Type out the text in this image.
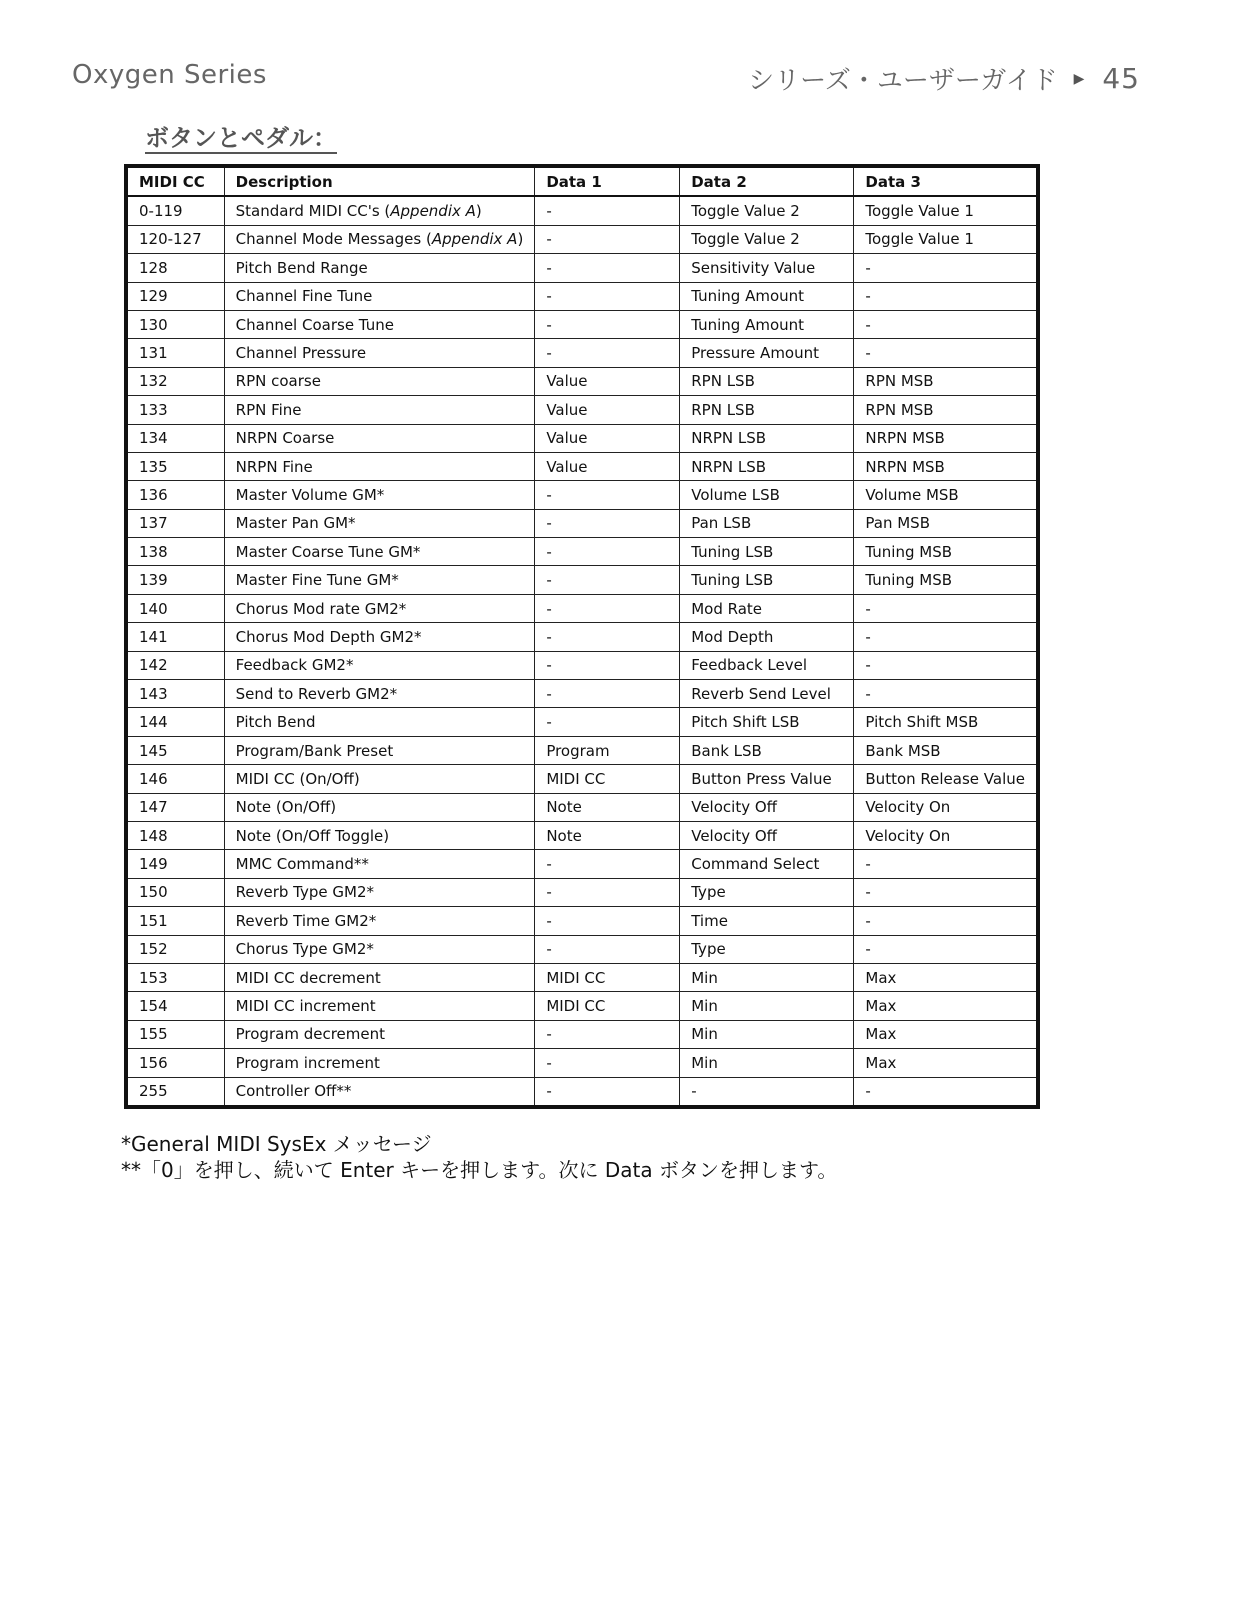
Oxygen Series	シリーズ・ユーザーガイド ▶ 45
ボタンとペダル：
MIDI CC	Description	Data 1	Data 2	Data 3
0-119	Standard MIDI CC's (Appendix A)	-	Toggle Value 2	Toggle Value 1
120-127	Channel Mode Messages (Appendix A)	-	Toggle Value 2	Toggle Value 1
128	Pitch Bend Range	-	Sensitivity Value	-
129	Channel Fine Tune	-	Tuning Amount	-
130	Channel Coarse Tune	-	Tuning Amount	-
131	Channel Pressure	-	Pressure Amount	-
132	RPN coarse	Value	RPN LSB	RPN MSB
133	RPN Fine	Value	RPN LSB	RPN MSB
134	NRPN Coarse	Value	NRPN LSB	NRPN MSB
135	NRPN Fine	Value	NRPN LSB	NRPN MSB
136	Master Volume GM*	-	Volume LSB	Volume MSB
137	Master Pan GM*	-	Pan LSB	Pan MSB
138	Master Coarse Tune GM*	-	Tuning LSB	Tuning MSB
139	Master Fine Tune GM*	-	Tuning LSB	Tuning MSB
140	Chorus Mod rate GM2*	-	Mod Rate	-
141	Chorus Mod Depth GM2*	-	Mod Depth	-
142	Feedback GM2*	-	Feedback Level	-
143	Send to Reverb GM2*	-	Reverb Send Level	-
144	Pitch Bend	-	Pitch Shift LSB	Pitch Shift MSB
145	Program/Bank Preset	Program	Bank LSB	Bank MSB
146	MIDI CC (On/Off)	MIDI CC	Button Press Value	Button Release Value
147	Note (On/Off)	Note	Velocity Off	Velocity On
148	Note (On/Off Toggle)	Note	Velocity Off	Velocity On
149	MMC Command**	-	Command Select	-
150	Reverb Type GM2*	-	Type	-
151	Reverb Time GM2*	-	Time	-
152	Chorus Type GM2*	-	Type	-
153	MIDI CC decrement	MIDI CC	Min	Max
154	MIDI CC increment	MIDI CC	Min	Max
155	Program decrement	-	Min	Max
156	Program increment	-	Min	Max
255	Controller Off**	-	-	-
*General MIDI SysEx メッセージ
**「0」を押し、続いて Enter キーを押します。次に Data ボタンを押します。
